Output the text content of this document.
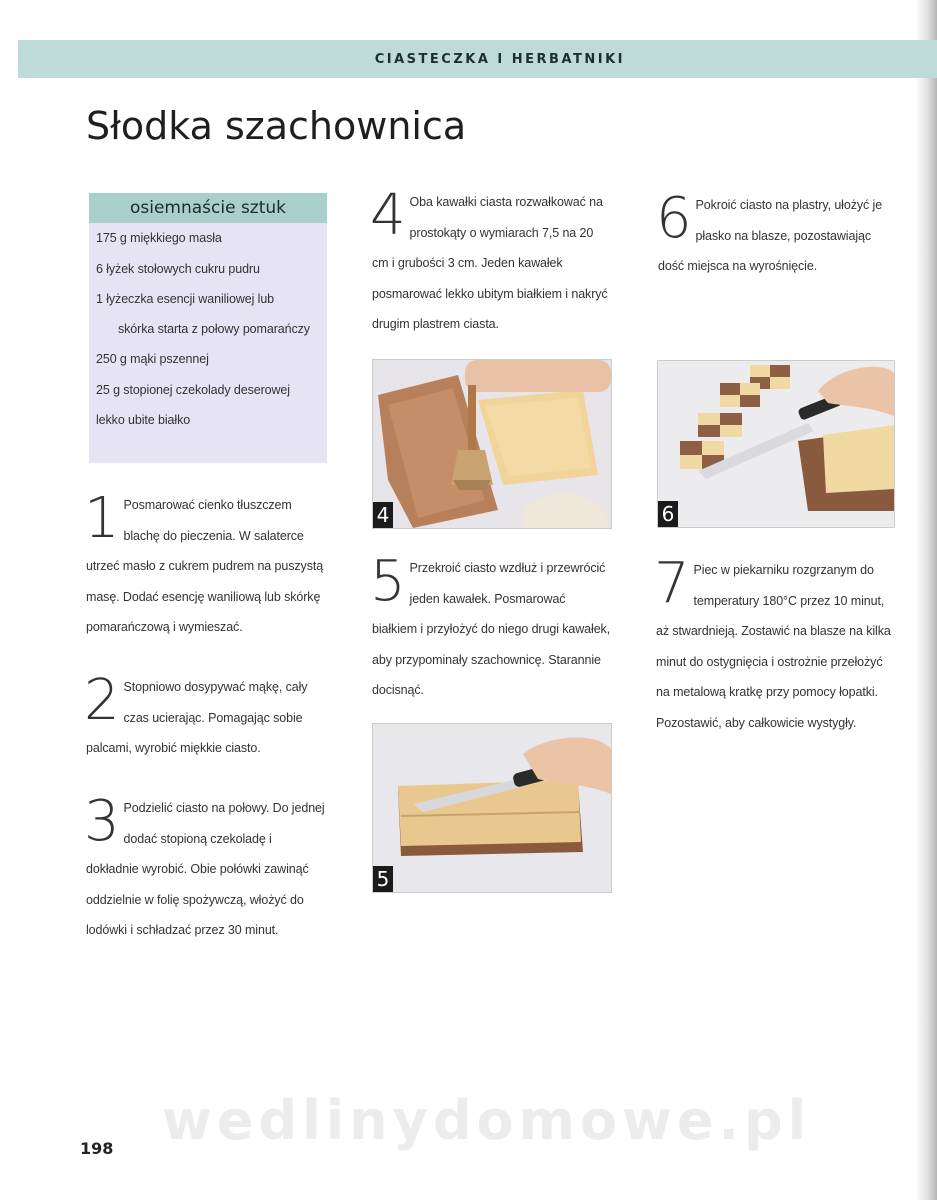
CIASTECZKA I HERBATNIKI
Słodka szachownica
osiemnaście sztuk
175 g miękkiego masła
6 łyżek stołowych cukru pudru
1 łyżeczka esencji waniliowej lub
skórka starta z połowy pomarańczy
250 g mąki pszennej
25 g stopionej czekolady deserowej
lekko ubite białko
1 Posmarować cienko tłuszczem blachę do pieczenia. W salaterce utrzeć masło z cukrem pudrem na puszystą masę. Dodać esencję waniliową lub skórkę pomarańczową i wymieszać.

2 Stopniowo dosypywać mąkę, cały czas ucierając. Pomagając sobie palcami, wyrobić miękkie ciasto.

3 Podzielić ciasto na połowy. Do jednej dodać stopioną czekoladę i dokładnie wyrobić. Obie połówki zawinąć oddzielnie w folię spożywczą, włożyć do lodówki i schładzać przez 30 minut.

4 Oba kawałki ciasta rozwałkować na prostokąty o wymiarach 7,5 na 20 cm i grubości 3 cm. Jeden kawałek posmarować lekko ubitym białkiem i nakryć drugim plastrem ciasta.

4
5 Przekroić ciasto wzdłuż i przewrócić jeden kawałek. Posmarować białkiem i przyłożyć do niego drugi kawałek, aby przypominały szachownicę. Starannie docisnąć.

5
6 Pokroić ciasto na plastry, ułożyć je płasko na blasze, pozostawiając dość miejsca na wyrośnięcie.

6
7 Piec w piekarniku rozgrzanym do temperatury 180°C przez 10 minut, aż stwardnieją. Zostawić na blasze na kilka minut do ostygnięcia i ostrożnie przełożyć na metalową kratkę przy pomocy łopatki. Pozostawić, aby całkowicie wystygły.

wedlinydomowe.pl
198
